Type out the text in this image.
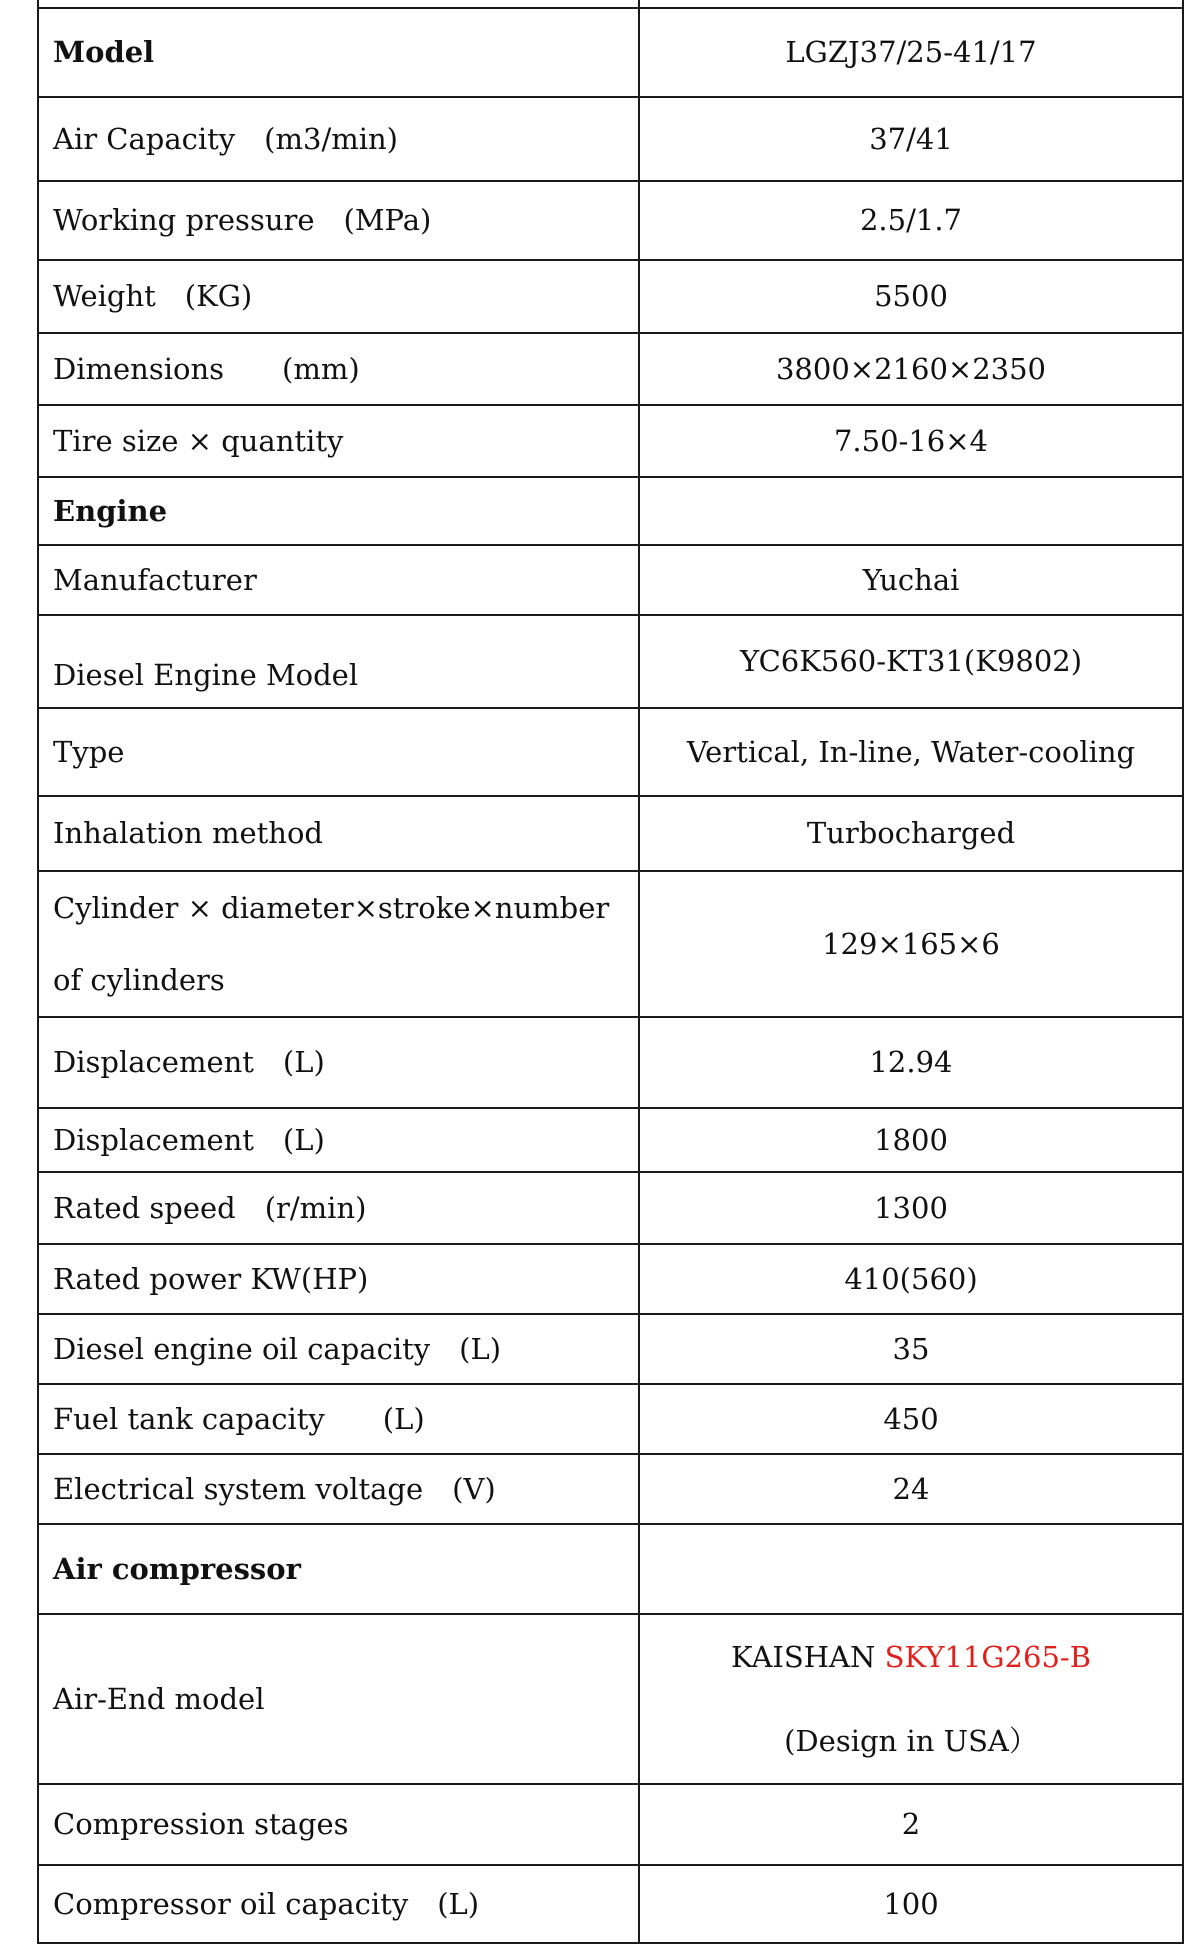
Model	LGZJ37/25-41/17
Air Capacity　(m3/min)	37/41
Working pressure　(MPa)	2.5/1.7
Weight　(KG)	5500
Dimensions　　(mm)	3800×2160×2350
Tire size × quantity	7.50-16×4
Engine	
Manufacturer	Yuchai
Diesel Engine Model	YC6K560-KT31(K9802)
Type	Vertical, In-line, Water-cooling
Inhalation method	Turbocharged

Cylinder × diameter×stroke×number
of cylinders	129×165×6
Displacement　(L)	12.94
Displacement　(L)	1800
Rated speed　(r/min)	1300
Rated power KW(HP)	410(560)
Diesel engine oil capacity　(L)	35
Fuel tank capacity　　(L)	450
Electrical system voltage　(V)	24
Air compressor	
Air-End model	KAISHAN SKY11G265-B
(Design in USA）

Compression stages	2
Compressor oil capacity　(L)	100
